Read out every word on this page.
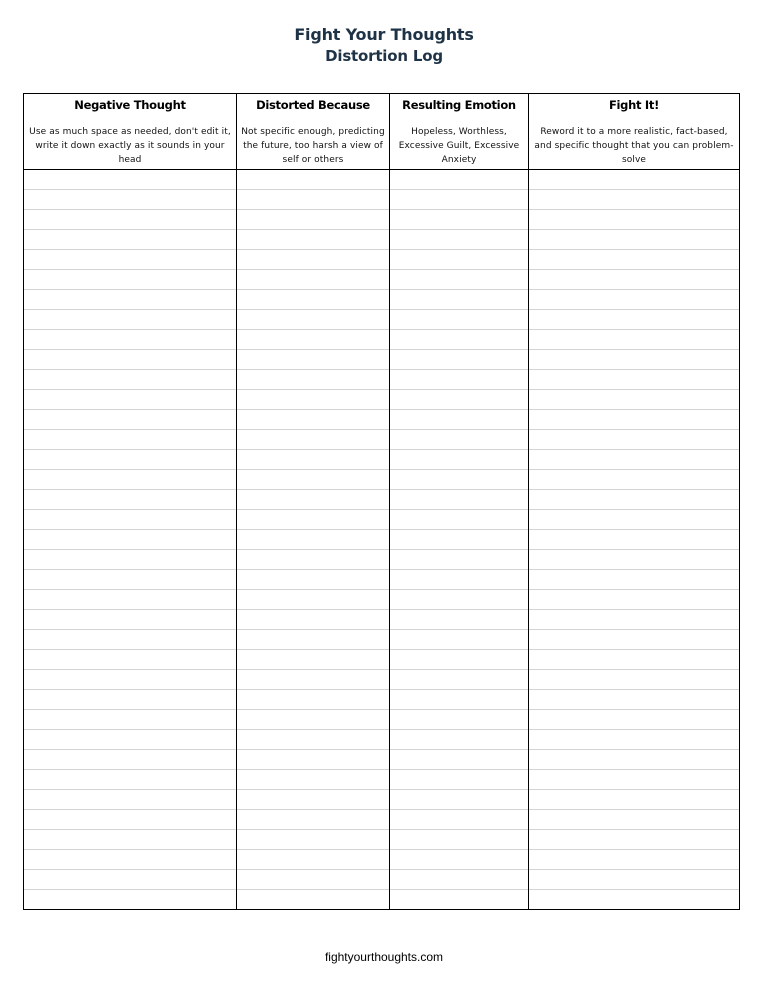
Fight Your Thoughts
Distortion Log
Negative Thought
Use as much space as needed, don't edit it, write it down exactly as it sounds in your head
Distorted Because
Not specific enough, predicting the future, too harsh a view of self or others
Resulting Emotion
Hopeless, Worthless, Excessive Guilt, Excessive Anxiety
Fight It!
Reword it to a more realistic, fact-based, and specific thought that you can problem-solve
fightyourthoughts.com
